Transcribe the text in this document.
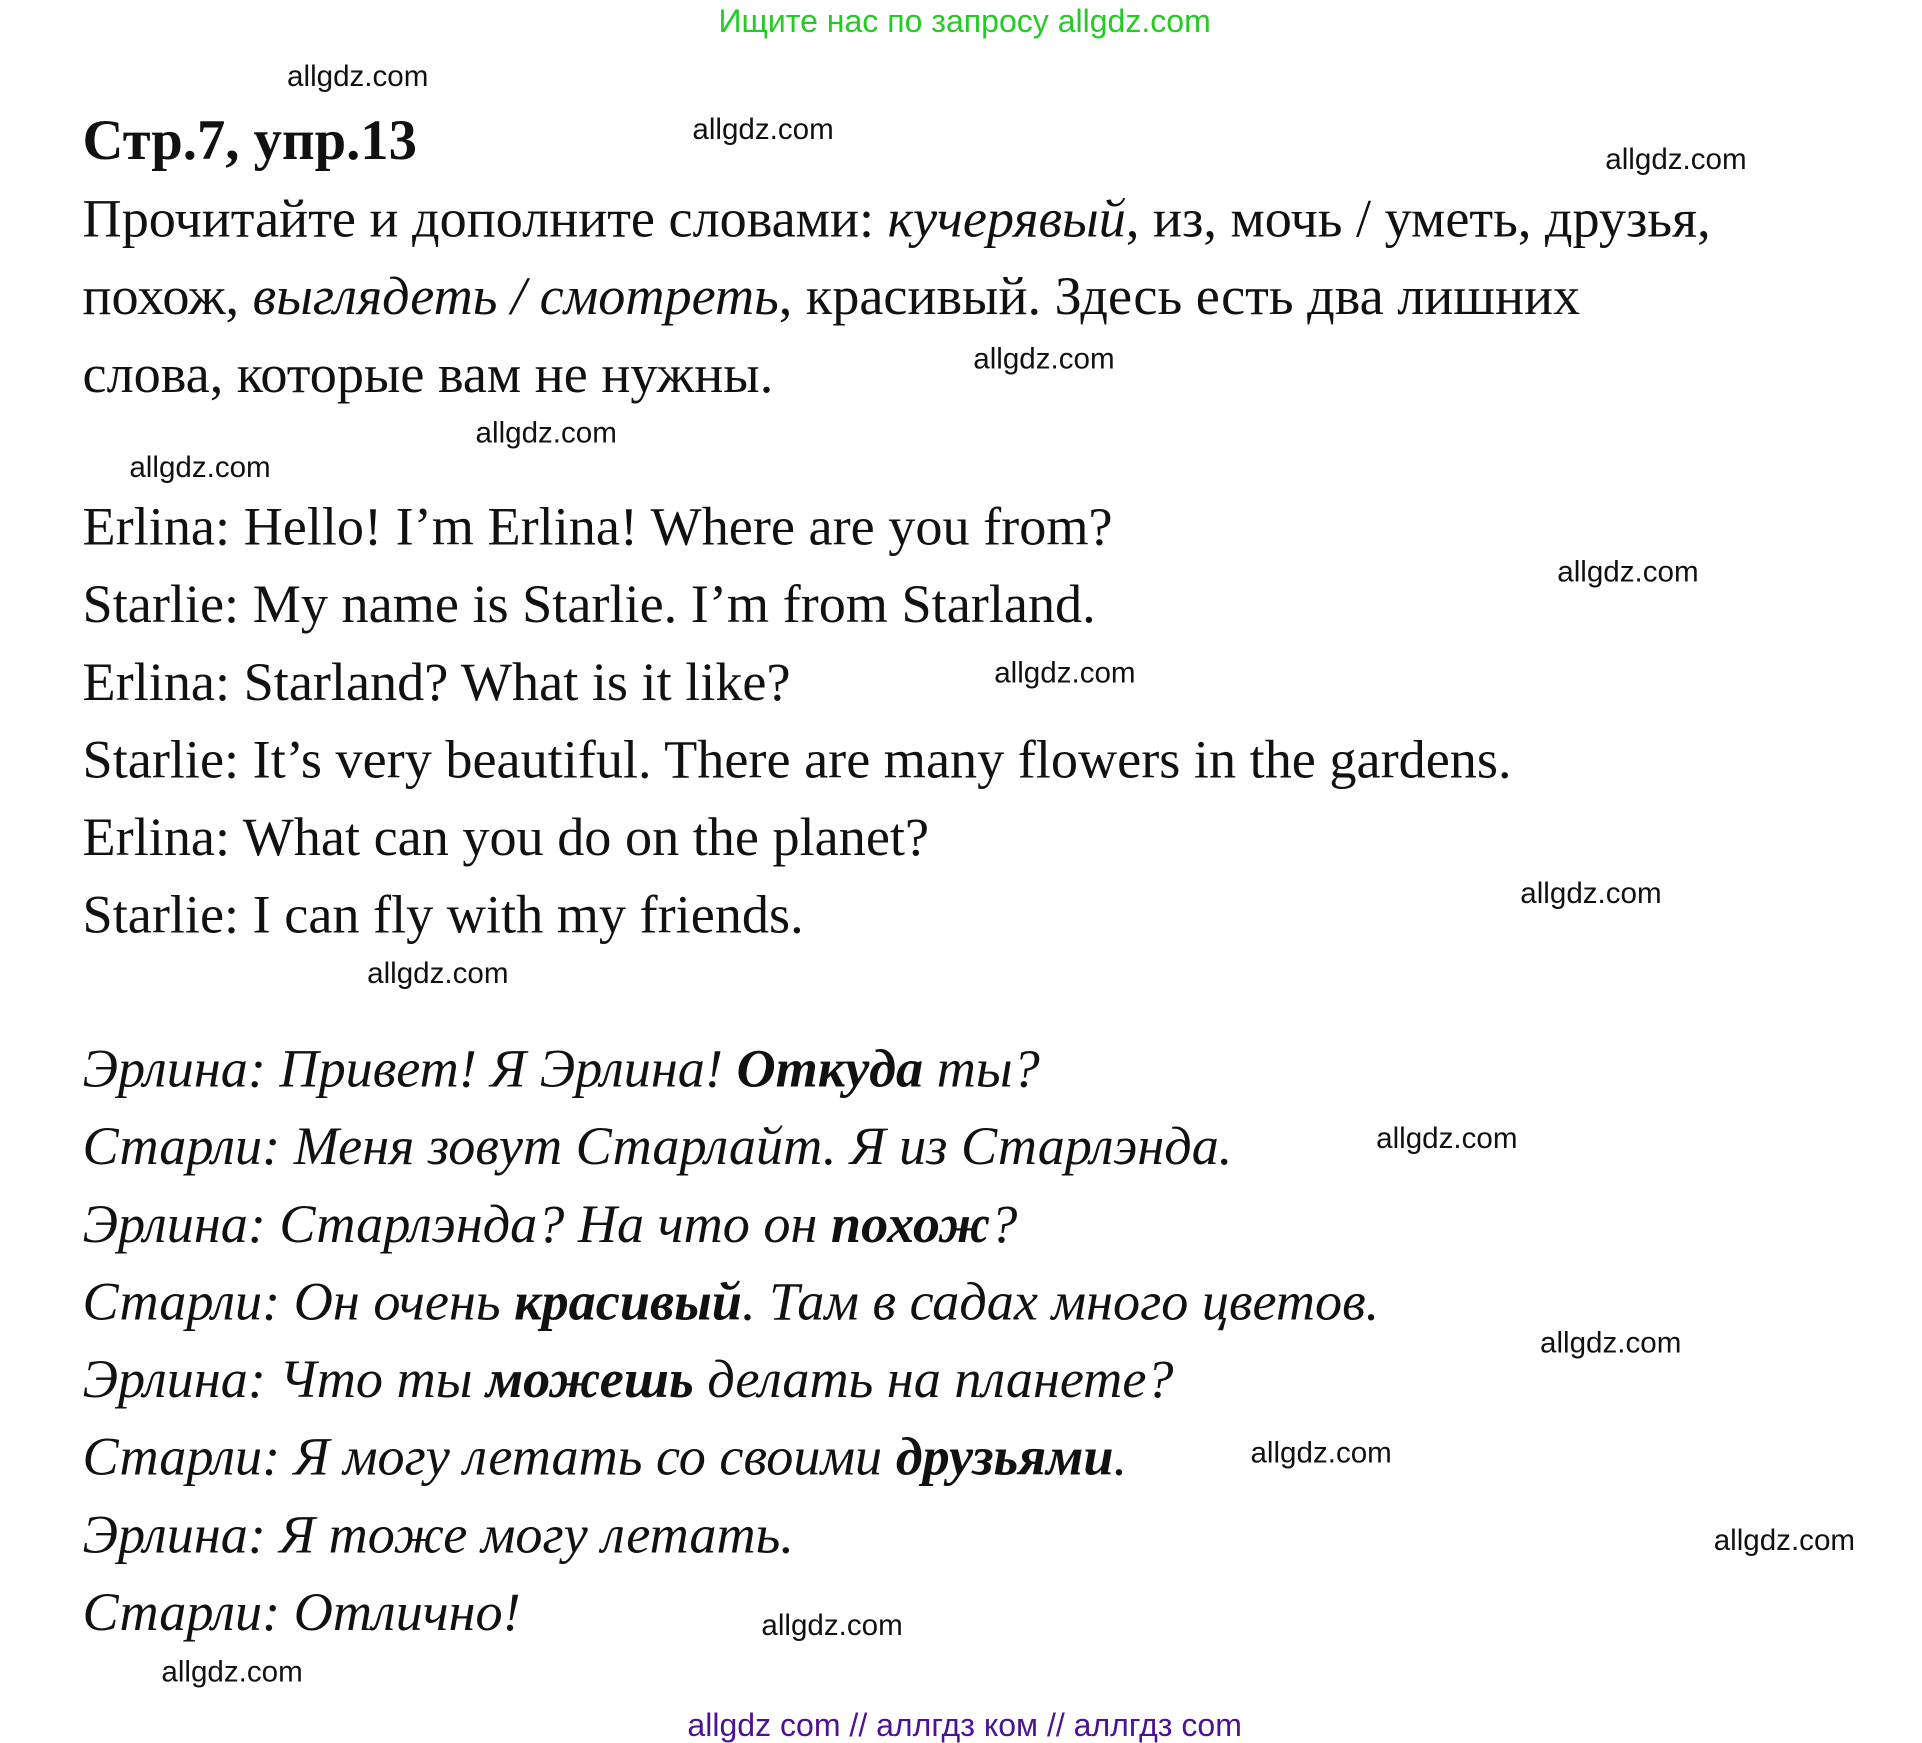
Ищите нас по запросу allgdz.com
Стр.7, упр.13
Прочитайте и дополните словами: кучерявый, из, мочь / уметь, друзья,
похож, выглядеть / смотреть, красивый. Здесь есть два лишних
слова, которые вам не нужны.
Erlina: Hello! I’m Erlina! Where are you from?
Starlie: My name is Starlie. I’m from Starland.
Erlina: Starland? What is it like?
Starlie: It’s very beautiful. There are many flowers in the gardens.
Erlina: What can you do on the planet?
Starlie: I can fly with my friends.
Эрлина: Привет! Я Эрлина! Откуда ты?
Старли: Меня зовут Старлайт. Я из Старлэнда.
Эрлина: Старлэнда? На что он похож?
Старли: Он очень красивый. Там в садах много цветов.
Эрлина: Что ты можешь делать на планете?
Старли: Я могу летать со своими друзьями.
Эрлина: Я тоже могу летать.
Старли: Отлично!
allgdz.com
allgdz.com
allgdz.com
allgdz.com
allgdz.com
allgdz.com
allgdz.com
allgdz.com
allgdz.com
allgdz.com
allgdz.com
allgdz.com
allgdz.com
allgdz.com
allgdz.com
allgdz.com
allgdz com // аллгдз ком // аллгдз com
